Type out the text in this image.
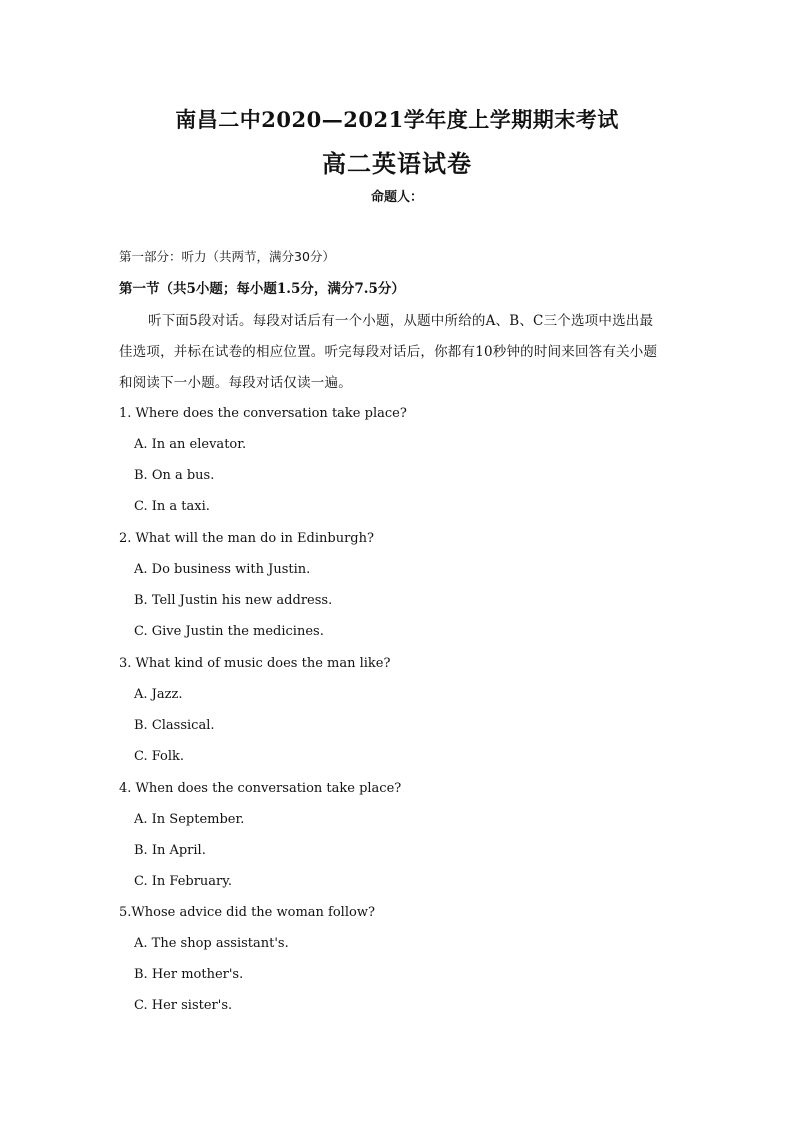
南昌二中2020—2021学年度上学期期末考试
高二英语试卷
命题人：
第一部分：听力（共两节，满分30分）
第一节（共5小题；每小题1.5分，满分7.5分）
听下面5段对话。每段对话后有一个小题，从题中所给的A、B、C三个选项中选出最
佳选项，并标在试卷的相应位置。听完每段对话后，你都有10秒钟的时间来回答有关小题
和阅读下一小题。每段对话仅读一遍。
1. Where does the conversation take place?
A. In an elevator.
B. On a bus.
C. In a taxi.
2. What will the man do in Edinburgh?
A. Do business with Justin.
B. Tell Justin his new address.
C. Give Justin the medicines.
3. What kind of music does the man like?
A. Jazz.
B. Classical.
C. Folk.
4. When does the conversation take place?
A. In September.
B. In April.
C. In February.
5.Whose advice did the woman follow?
A. The shop assistant's.
B. Her mother's.
C. Her sister's.
